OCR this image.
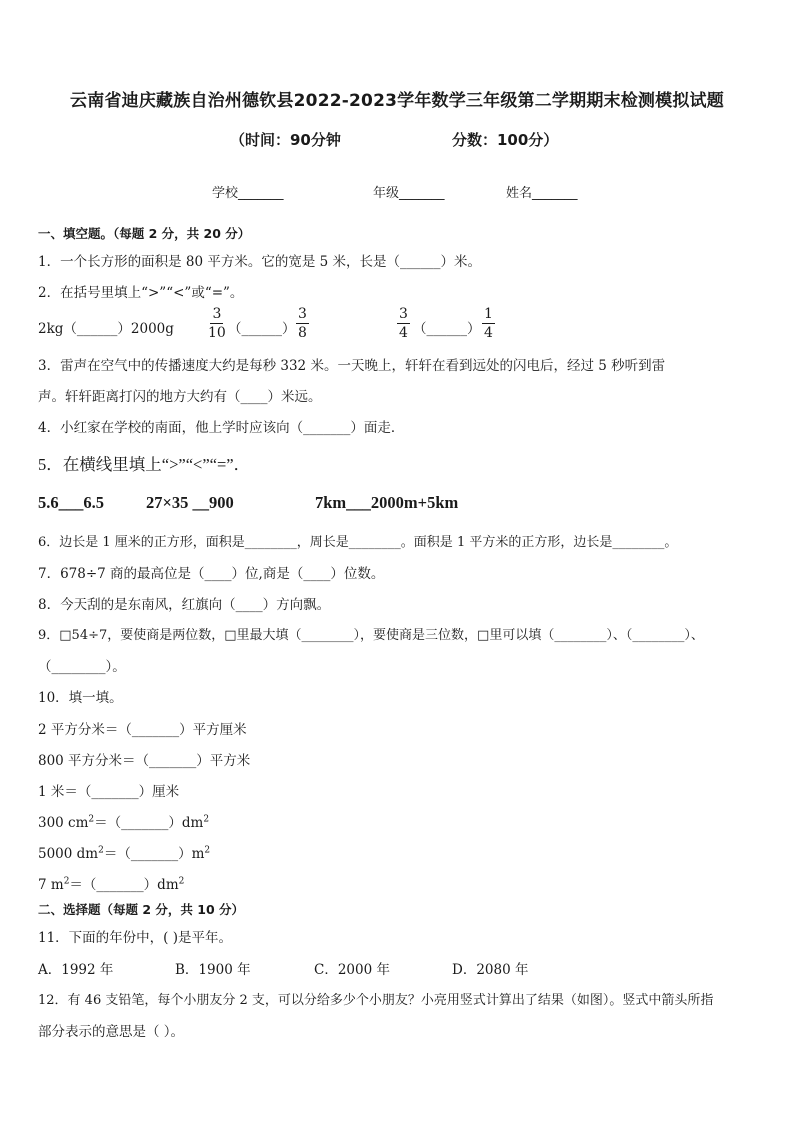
云南省迪庆藏族自治州德钦县2022-2023学年数学三年级第二学期期末检测模拟试题
（时间：90分钟	分数：100分）
学校_______	年级_______	姓名_______
一、填空题。（每题 2 分，共 20 分）
1．一个长方形的面积是 80 平方米。它的宽是 5 米，长是（______）米。
2．在括号里填上“>”“<”或“=”。
2kg（______）2000g $\frac{3}{10}$ （______） $\frac{3}{8}$	$\frac{3}{4}$ （______） $\frac{1}{4}$
3．雷声在空气中的传播速度大约是每秒 332 米。一天晚上，轩轩在看到远处的闪电后，经过 5 秒听到雷
声。轩轩距离打闪的地方大约有（____）米远。
4．小红家在学校的南面，他上学时应该向（_______）面走．
5．在横线里填上“>”“<”“=”．
5.6___6.5	27×35 __900	7km___2000m+5km
6．边长是 1 厘米的正方形，面积是________，周长是________。面积是 1 平方米的正方形，边长是________。
7．678÷7 商的最高位是（____）位,商是（____）位数。
8．今天刮的是东南风，红旗向（____）方向飘。
9．□54÷7，要使商是两位数，□里最大填（________），要使商是三位数，□里可以填（________）、（________）、
（________）。
10．填一填。
2 平方分米＝（_______）平方厘米
800 平方分米＝（_______）平方米
1 米＝（_______）厘米
300 $cm^2=(\_\_\_\_\_\_\_)dm^2$
5000 $dm^2=(\_\_\_\_\_\_\_)m^2$
7 $m^2=(\_\_\_\_\_\_\_)dm^2$
二、选择题（每题 2 分，共 10 分）
11．下面的年份中，( )是平年。
A．1992 年	B．1900 年	C．2000 年	D．2080 年
12．有 46 支铅笔，每个小朋友分 2 支，可以分给多少个小朋友？小亮用竖式计算出了结果（如图）。竖式中箭头所指
部分表示的意思是（ ）。
